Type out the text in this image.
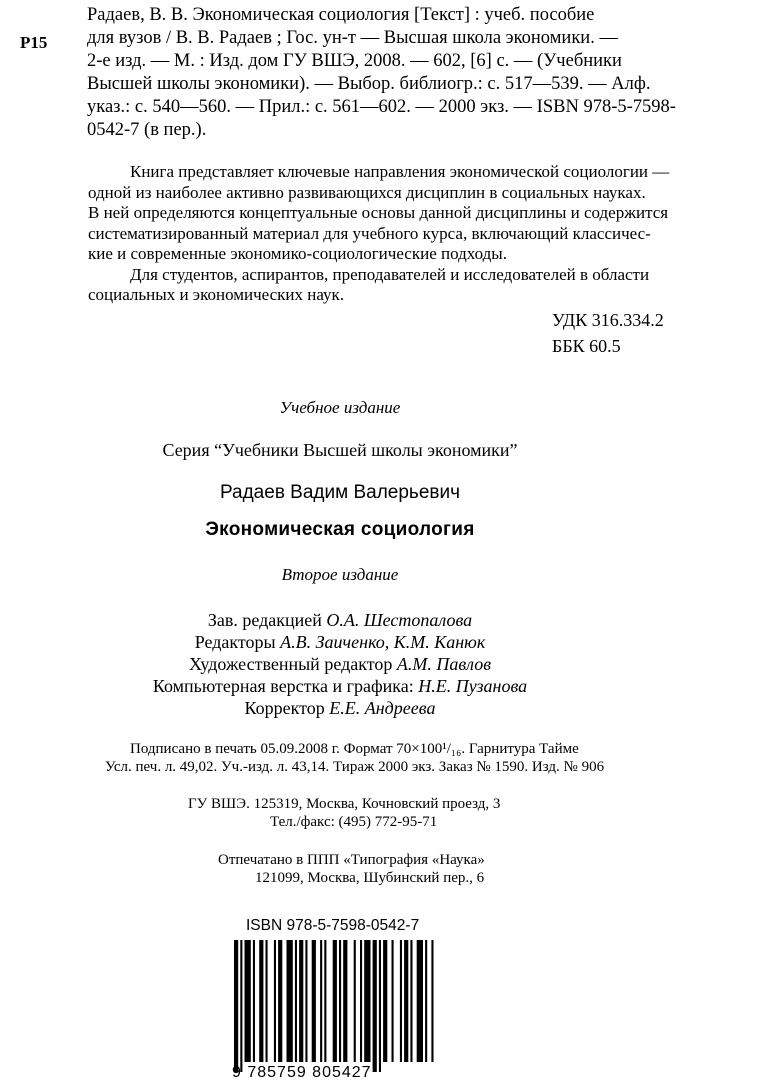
Р15
Радаев, В. В. Экономическая социология [Текст] : учеб. пособие
для вузов / В. В. Радаев ; Гос. ун-т — Высшая школа экономики. —
2-е изд. — М. : Изд. дом ГУ ВШЭ, 2008. — 602, [6] с. — (Учебники
Высшей школы экономики). — Выбор. библиогр.: с. 517—539. — Алф.
указ.: с. 540—560. — Прил.: с. 561—602. — 2000 экз. — ISBN 978-5-7598-
0542-7 (в пер.).
Книга представляет ключевые направления экономической социологии —
одной из наиболее активно развивающихся дисциплин в социальных науках.
В ней определяются концептуальные основы данной дисциплины и содержится
систематизированный материал для учебного курса, включающий классичес-
кие и современные экономико-социологические подходы.
Для студентов, аспирантов, преподавателей и исследователей в области
социальных и экономических наук.
УДК 316.334.2
ББК 60.5
Учебное издание
Серия “Учебники Высшей школы экономики”
Радаев Вадим Валерьевич
Экономическая социология
Второе издание
Зав. редакцией О.А. Шестопалова
Редакторы А.В. Заиченко, К.М. Канюк
Художественный редактор А.М. Павлов
Компьютерная верстка и графика: Н.Е. Пузанова
Корректор Е.Е. Андреева
Подписано в печать 05.09.2008 г. Формат 70×100¹/₁₆. Гарнитура Тайме
Усл. печ. л. 49,02. Уч.-изд. л. 43,14. Тираж 2000 экз. Заказ № 1590. Изд. № 906
ГУ ВШЭ. 125319, Москва, Кочновский проезд, 3
Тел./факс: (495) 772-95-71
Отпечатано в ППП «Типография «Наука»
121099, Москва, Шубинский пер., 6
ISBN 978-5-7598-0542-7
9 785759 805427
